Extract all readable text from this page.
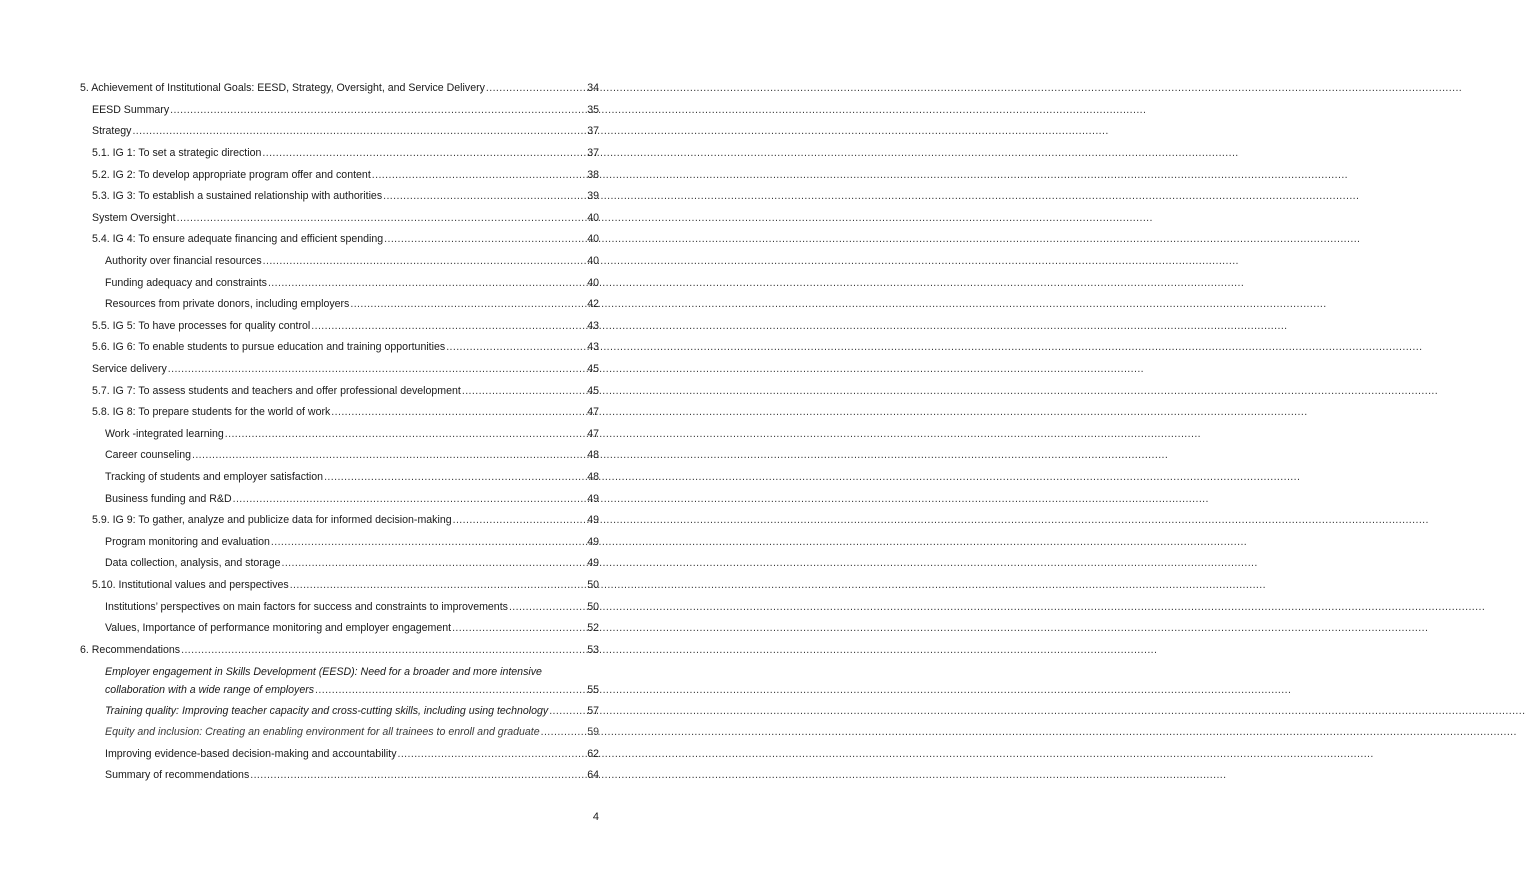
5. Achievement of Institutional Goals: EESD, Strategy, Oversight, and Service Delivery .....	34
EESD Summary .....	35
Strategy .....	37
5.1. IG 1: To set a strategic direction .....	37
5.2. IG 2: To develop appropriate program offer and content .....	38
5.3. IG 3: To establish a sustained relationship with authorities .....	39
System Oversight .....	40
5.4. IG 4: To ensure adequate financing and efficient spending .....	40
Authority over financial resources .....	40
Funding adequacy and constraints .....	40
Resources from private donors, including employers .....	42
5.5. IG 5: To have processes for quality control .....	43
5.6. IG 6: To enable students to pursue education and training opportunities .....	43
Service delivery .....	45
5.7. IG 7: To assess students and teachers and offer professional development .....	45
5.8. IG 8: To prepare students for the world of work .....	47
Work -integrated learning .....	47
Career counseling .....	48
Tracking of students and employer satisfaction .....	48
Business funding and R&D .....	49
5.9. IG 9: To gather, analyze and publicize data for informed decision-making .....	49
Program monitoring and evaluation .....	49
Data collection, analysis, and storage .....	49
5.10. Institutional values and perspectives .....	50
Institutions’ perspectives on main factors for success and constraints to improvements .....	50
Values, Importance of performance monitoring and employer engagement .....	52
6. Recommendations .....	53
Employer engagement in Skills Development (EESD): Need for a broader and more intensive
collaboration with a wide range of employers .....	55
Training quality: Improving teacher capacity and cross-cutting skills, including using technology .....	57
Equity and inclusion: Creating an enabling environment for all trainees to enroll and graduate .....	59
Improving evidence-based decision-making and accountability .....	62
Summary of recommendations .....	64
4
